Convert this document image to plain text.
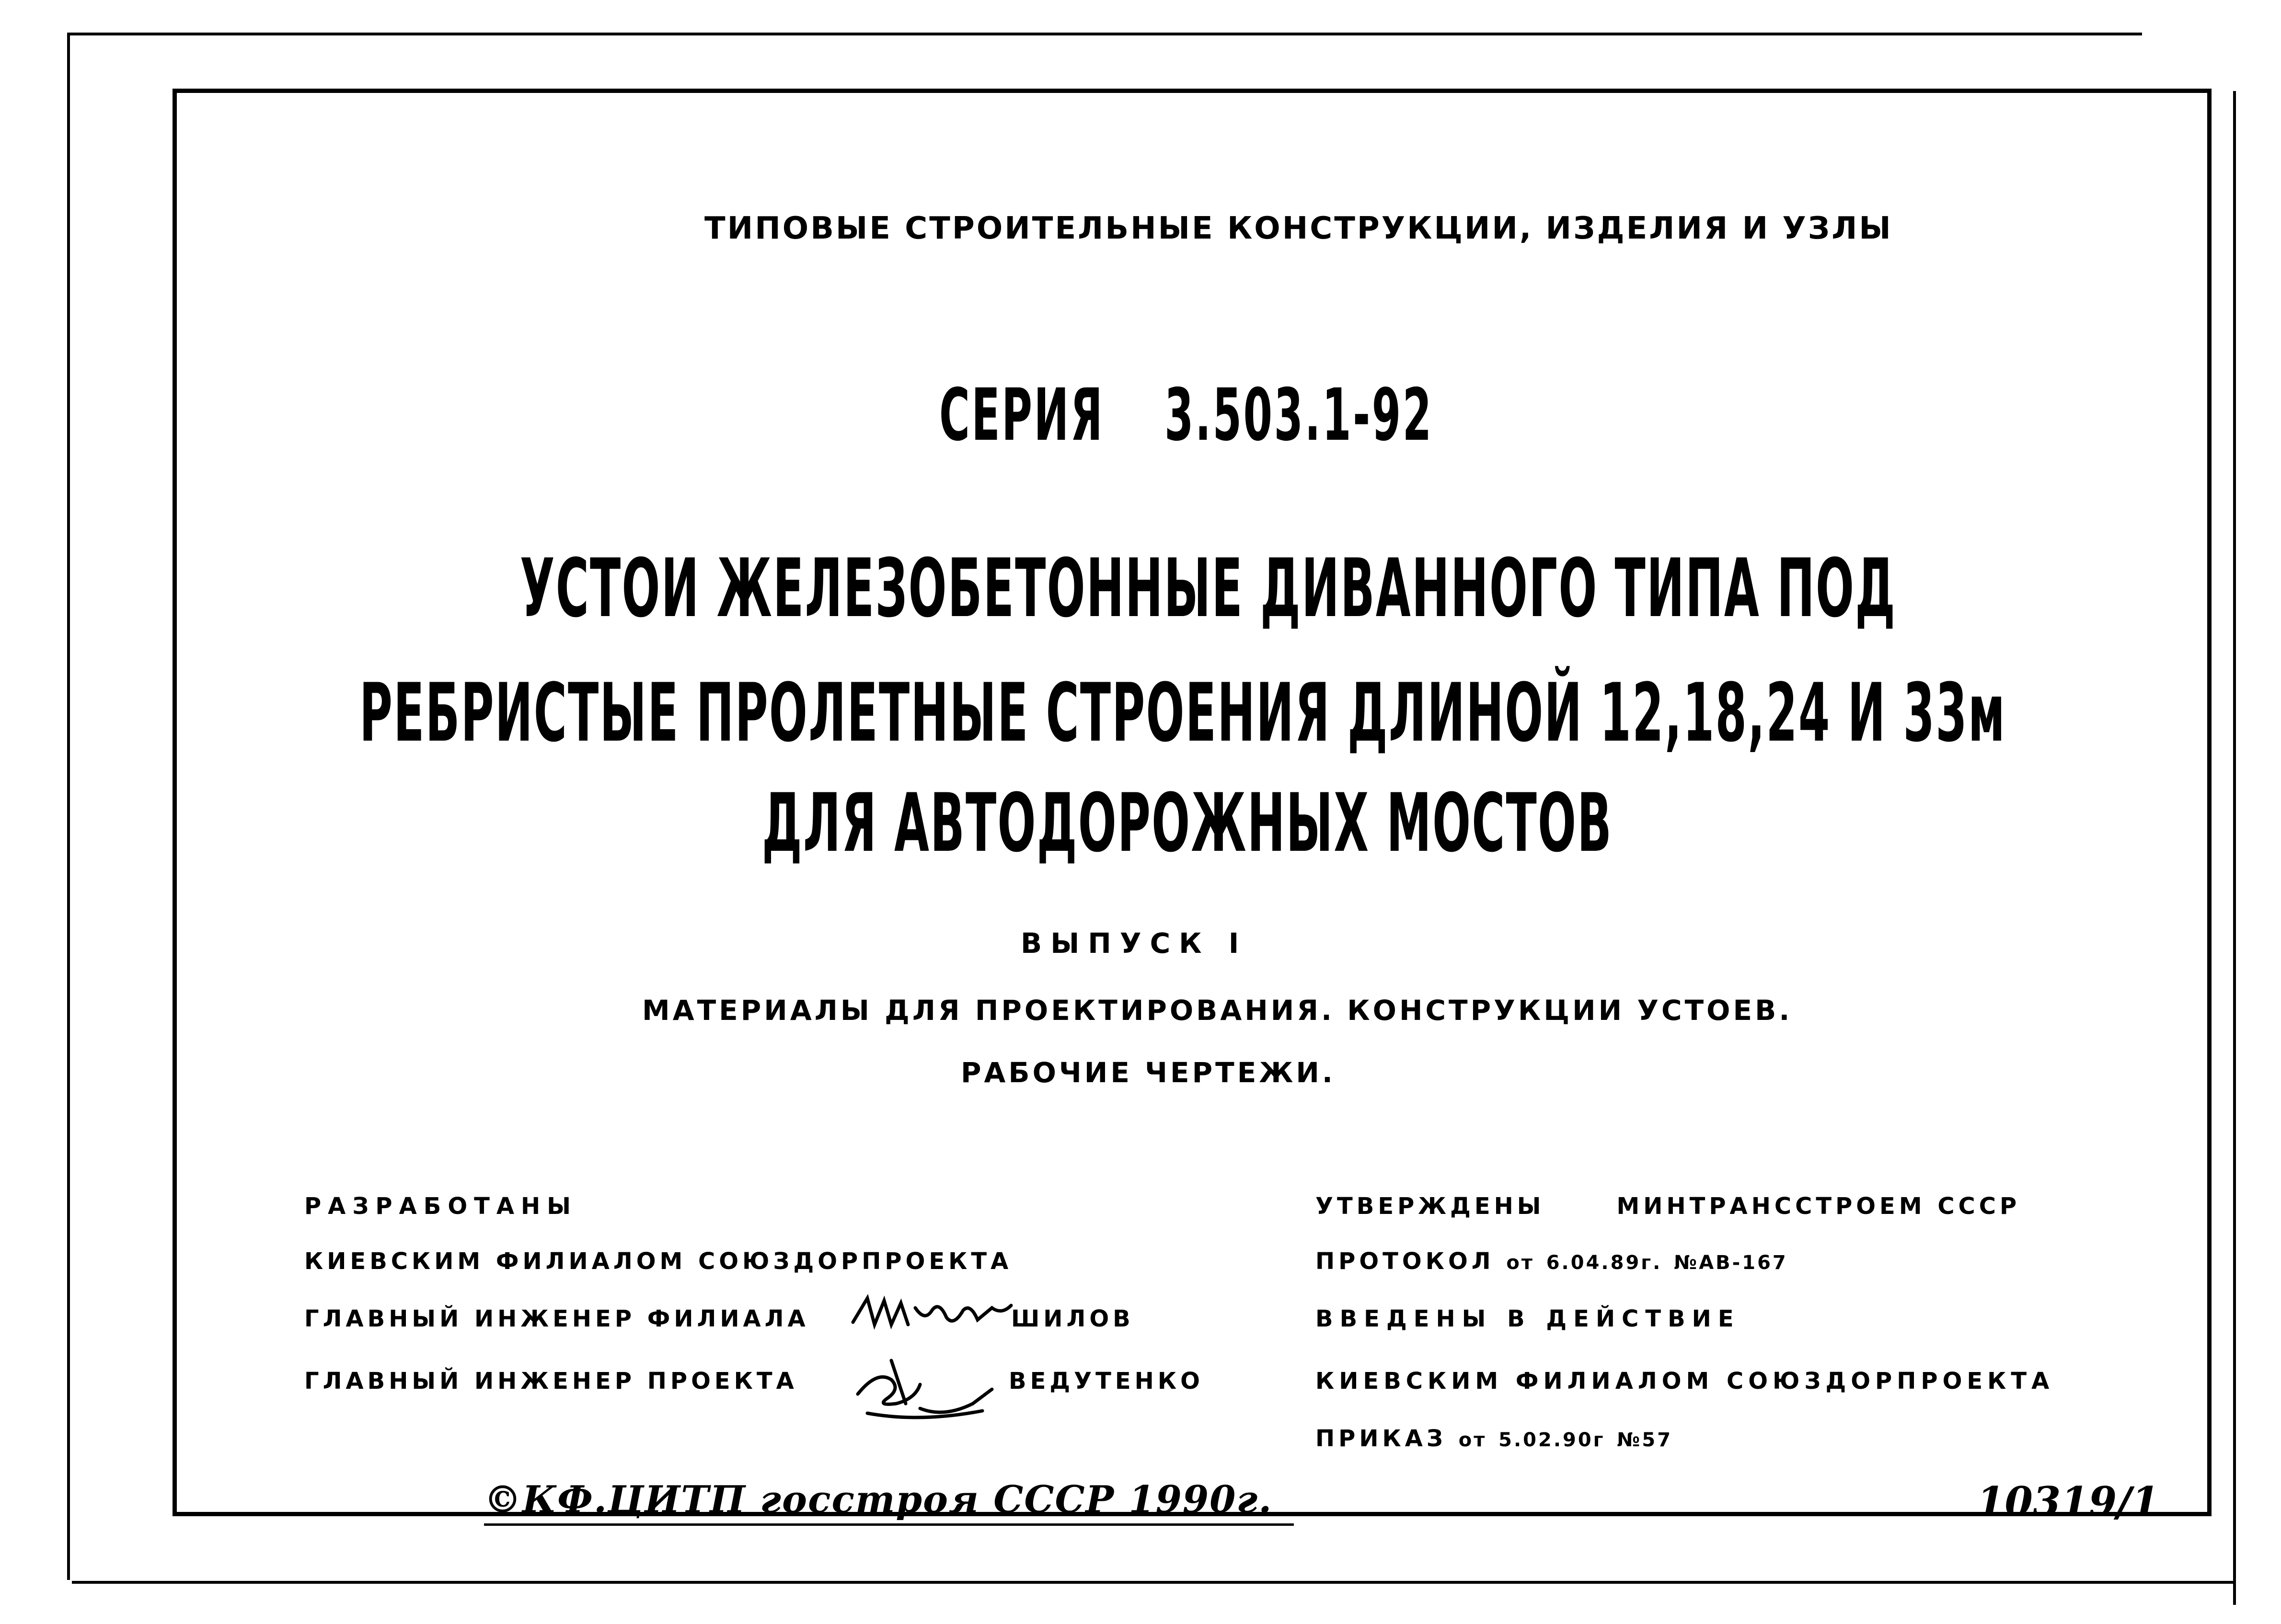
ТИПОВЫЕ СТРОИТЕЛЬНЫЕ КОНСТРУКЦИИ, ИЗДЕЛИЯ И УЗЛЫ
СЕРИЯ 3.503.1-92
УСТОИ ЖЕЛЕЗОБЕТОННЫЕ ДИВАННОГО ТИПА ПОД
РЕБРИСТЫЕ ПРОЛЕТНЫЕ СТРОЕНИЯ ДЛИНОЙ 12,18,24 И 33м
ДЛЯ АВТОДОРОЖНЫХ МОСТОВ
ВЫПУСК I
МАТЕРИАЛЫ ДЛЯ ПРОЕКТИРОВАНИЯ. КОНСТРУКЦИИ УСТОЕВ.
РАБОЧИЕ ЧЕРТЕЖИ.
РАЗРАБОТАНЫ
КИЕВСКИМ ФИЛИАЛОМ СОЮЗДОРПРОЕКТА
ГЛАВНЫЙ ИНЖЕНЕР ФИЛИАЛА	ШИЛОВ
ГЛАВНЫЙ ИНЖЕНЕР ПРОЕКТА	ВЕДУТЕНКО
УТВЕРЖДЕНЫ	МИНТРАНССТРОЕМ СССР
ПРОТОКОЛ от 6.04.89г. №АВ-167
ВВЕДЕНЫ В ДЕЙСТВИЕ
КИЕВСКИМ ФИЛИАЛОМ СОЮЗДОРПРОЕКТА
ПРИКАЗ от 5.02.90г №57
©КФ.ЦИТП госстроя СССР 1990г.	10319/1
